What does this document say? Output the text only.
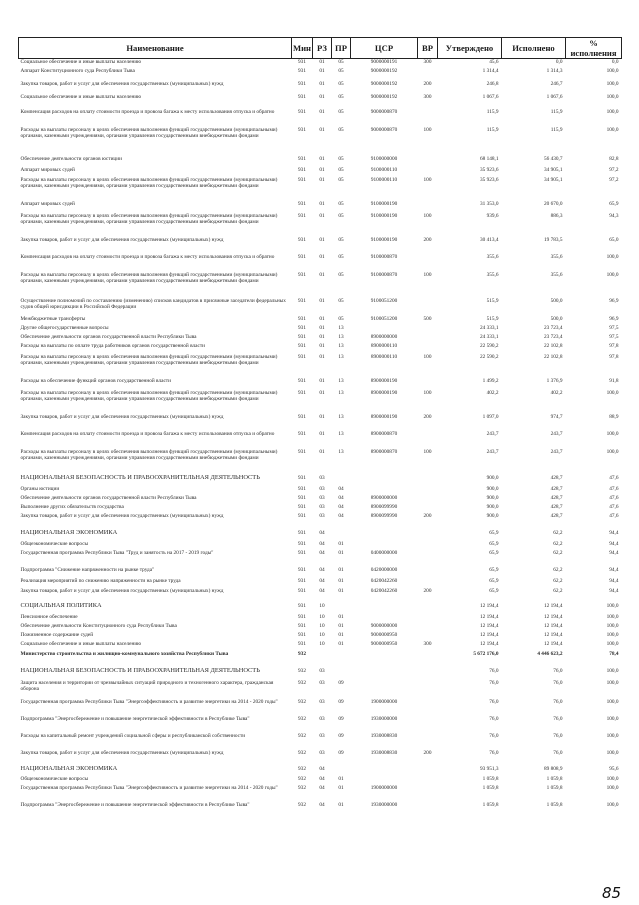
Наименование	Мин	РЗ	ПР	ЦСР	ВР	Утверждено	Исполнено	% исполнения
Социальное обеспечение и иные выплаты населению	931	01	05	9000000191	300	45,6	0,0	0,0
Аппарат Конституционного суда Республики Тыва	931	01	05	9000000192		1 314,4	1 314,3	100,0
Закупка товаров, работ и услуг для обеспечения государственных (муниципальных) нужд	931	01	05	9000000192	200	246,8	246,7	100,0
Социальное обеспечение и иные выплаты населению	931	01	05	9000000192	300	1 067,6	1 067,6	100,0
Компенсация расходов на оплату стоимости проезда и провоза багажа к месту использования отпуска и обратно	931	01	05	9000000870		115,9	115,9	100,0
Расходы на выплаты персоналу в целях обеспечения выполнения функций государственными (муниципальными) органами, казенными учреждениями, органами управления государственными внебюджетными фондами	931	01	05	9000000870	100	115,9	115,9	100,0
Обеспечение деятельности органов юстиции	931	01	05	9100000000		68 148,1	56 430,7	82,8
Аппарат мировых судей	931	01	05	9100000110		35 923,6	34 905,1	97,2
Расходы на выплаты персоналу в целях обеспечения выполнения функций государственными (муниципальными) органами, казенными учреждениями, органами управления государственными внебюджетными фондами	931	01	05	9100000110	100	35 923,6	34 905,1	97,2
Аппарат мировых судей	931	01	05	9100000190		31 353,0	20 670,0	65,9
Расходы на выплаты персоналу в целях обеспечения выполнения функций государственными (муниципальными) органами, казенными учреждениями, органами управления государственными внебюджетными фондами	931	01	05	9100000190	100	939,6	886,3	94,3
Закупка товаров, работ и услуг для обеспечения государственных (муниципальных) нужд	931	01	05	9100000190	200	30 413,4	19 783,5	65,0
Компенсация расходов на оплату стоимости проезда и провоза багажа к месту использования отпуска и обратно	931	01	05	9100000870		355,6	355,6	100,0
Расходы на выплаты персоналу в целях обеспечения выполнения функций государственными (муниципальными) органами, казенными учреждениями, органами управления государственными внебюджетными фондами	931	01	05	9100000870	100	355,6	355,6	100,0
Осуществление полномочий по составлению (изменению) списков кандидатов в присяжные заседатели федеральных судов общей юрисдикции в Российской Федерации	931	01	05	9100051200		515,9	500,0	96,9
Межбюджетные трансферты	931	01	05	9100051200	500	515,9	500,0	96,9
Другие общегосударственные вопросы	931	01	13			24 333,1	23 723,4	97,5
Обеспечение деятельности органов государственной власти Республики Тыва	931	01	13	8900000000		24 333,1	23 723,4	97,5
Расходы на выплаты по оплате труда работников органов государственной власти	931	01	13	8900000110		22 590,2	22 102,8	97,8
Расходы на выплаты персоналу в целях обеспечения выполнения функций государственными (муниципальными) органами, казенными учреждениями, органами управления государственными внебюджетными фондами	931	01	13	8900000110	100	22 590,2	22 102,8	97,8
Расходы на обеспечение функций органов государственной власти	931	01	13	8900000190		1 499,2	1 376,9	91,8
Расходы на выплаты персоналу в целях обеспечения выполнения функций государственными (муниципальными) органами, казенными учреждениями, органами управления государственными внебюджетными фондами	931	01	13	8900000190	100	402,2	402,2	100,0
Закупка товаров, работ и услуг для обеспечения государственных (муниципальных) нужд	931	01	13	8900000190	200	1 097,0	974,7	88,9
Компенсация расходов на оплату стоимости проезда и провоза багажа к месту использования отпуска и обратно	931	01	13	8900000870		243,7	243,7	100,0
Расходы на выплаты персоналу в целях обеспечения выполнения функций государственными (муниципальными) органами, казенными учреждениями, органами управления государственными внебюджетными фондами	931	01	13	8900000870	100	243,7	243,7	100,0
НАЦИОНАЛЬНАЯ БЕЗОПАСНОСТЬ И ПРАВООХРАНИТЕЛЬНАЯ ДЕЯТЕЛЬНОСТЬ	931	03				900,0	428,7	47,6
Органы юстиции	931	03	04			900,0	428,7	47,6
Обеспечение деятельности органов государственной власти Республики Тыва	931	03	04	8900000000		900,0	428,7	47,6
Выполнение других обязательств государства	931	03	04	8900099990		900,0	428,7	47,6
Закупка товаров, работ и услуг для обеспечения государственных (муниципальных) нужд	931	03	04	8900099990	200	900,0	428,7	47,6
НАЦИОНАЛЬНАЯ ЭКОНОМИКА	931	04				65,9	62,2	94,4
Общеэкономические вопросы	931	04	01			65,9	62,2	94,4
Государственная программа Республики Тыва "Труд и занятость на 2017 - 2019 годы"	931	04	01	0400000000		65,9	62,2	94,4
Подпрограмма "Снижение напряженности на рынке труда"	931	04	01	0420000000		65,9	62,2	94,4
Реализация мероприятий по снижению напряженности на рынке труда	931	04	01	0420042260		65,9	62,2	94,4
Закупка товаров, работ и услуг для обеспечения государственных (муниципальных) нужд	931	04	01	0420042260	200	65,9	62,2	94,4
СОЦИАЛЬНАЯ ПОЛИТИКА	931	10				12 194,4	12 194,4	100,0
Пенсионное обеспечение	931	10	01			12 194,4	12 194,4	100,0
Обеспечение деятельности Конституционного суда Республики Тыва	931	10	01	9000000000		12 194,4	12 194,4	100,0
Пожизненное содержание судей	931	10	01	9000000950		12 194,4	12 194,4	100,0
Социальное обеспечение и иные выплаты населению	931	10	01	9000000950	300	12 194,4	12 194,4	100,0
Министерство строительства и жилищно-коммунального хозяйства Республики Тыва	932					5 672 176,0	4 446 623,2	78,4
НАЦИОНАЛЬНАЯ БЕЗОПАСНОСТЬ И ПРАВООХРАНИТЕЛЬНАЯ ДЕЯТЕЛЬНОСТЬ	932	03				76,0	76,0	100,0
Защита населения и территории от чрезвычайных ситуаций природного и техногенного характера, гражданская оборона	932	03	09			76,0	76,0	100,0
Государственная программа Республики Тыва "Энергоэффективность и развитие энергетики на 2014 - 2020 годы"	932	03	09	1900000000		76,0	76,0	100,0
Подпрограмма "Энергосбережение и повышение энергетической эффективности в Республике Тыва"	932	03	09	1930000000		76,0	76,0	100,0
Расходы на капитальный ремонт учреждений социальной сферы и республиканской собственности	932	03	09	1930008830		76,0	76,0	100,0
Закупка товаров, работ и услуг для обеспечения государственных (муниципальных) нужд	932	03	09	1930008830	200	76,0	76,0	100,0
НАЦИОНАЛЬНАЯ ЭКОНОМИКА	932	04				93 951,3	89 808,9	95,6
Общеэкономические вопросы	932	04	01			1 059,8	1 059,8	100,0
Государственная программа Республики Тыва "Энергоэффективность и развитие энергетики на 2014 - 2020 годы"	932	04	01	1900000000		1 059,8	1 059,8	100,0
Подпрограмма "Энергосбережение и повышение энергетической эффективности в Республике Тыва"	932	04	01	1930000000		1 059,8	1 059,8	100,0
85
